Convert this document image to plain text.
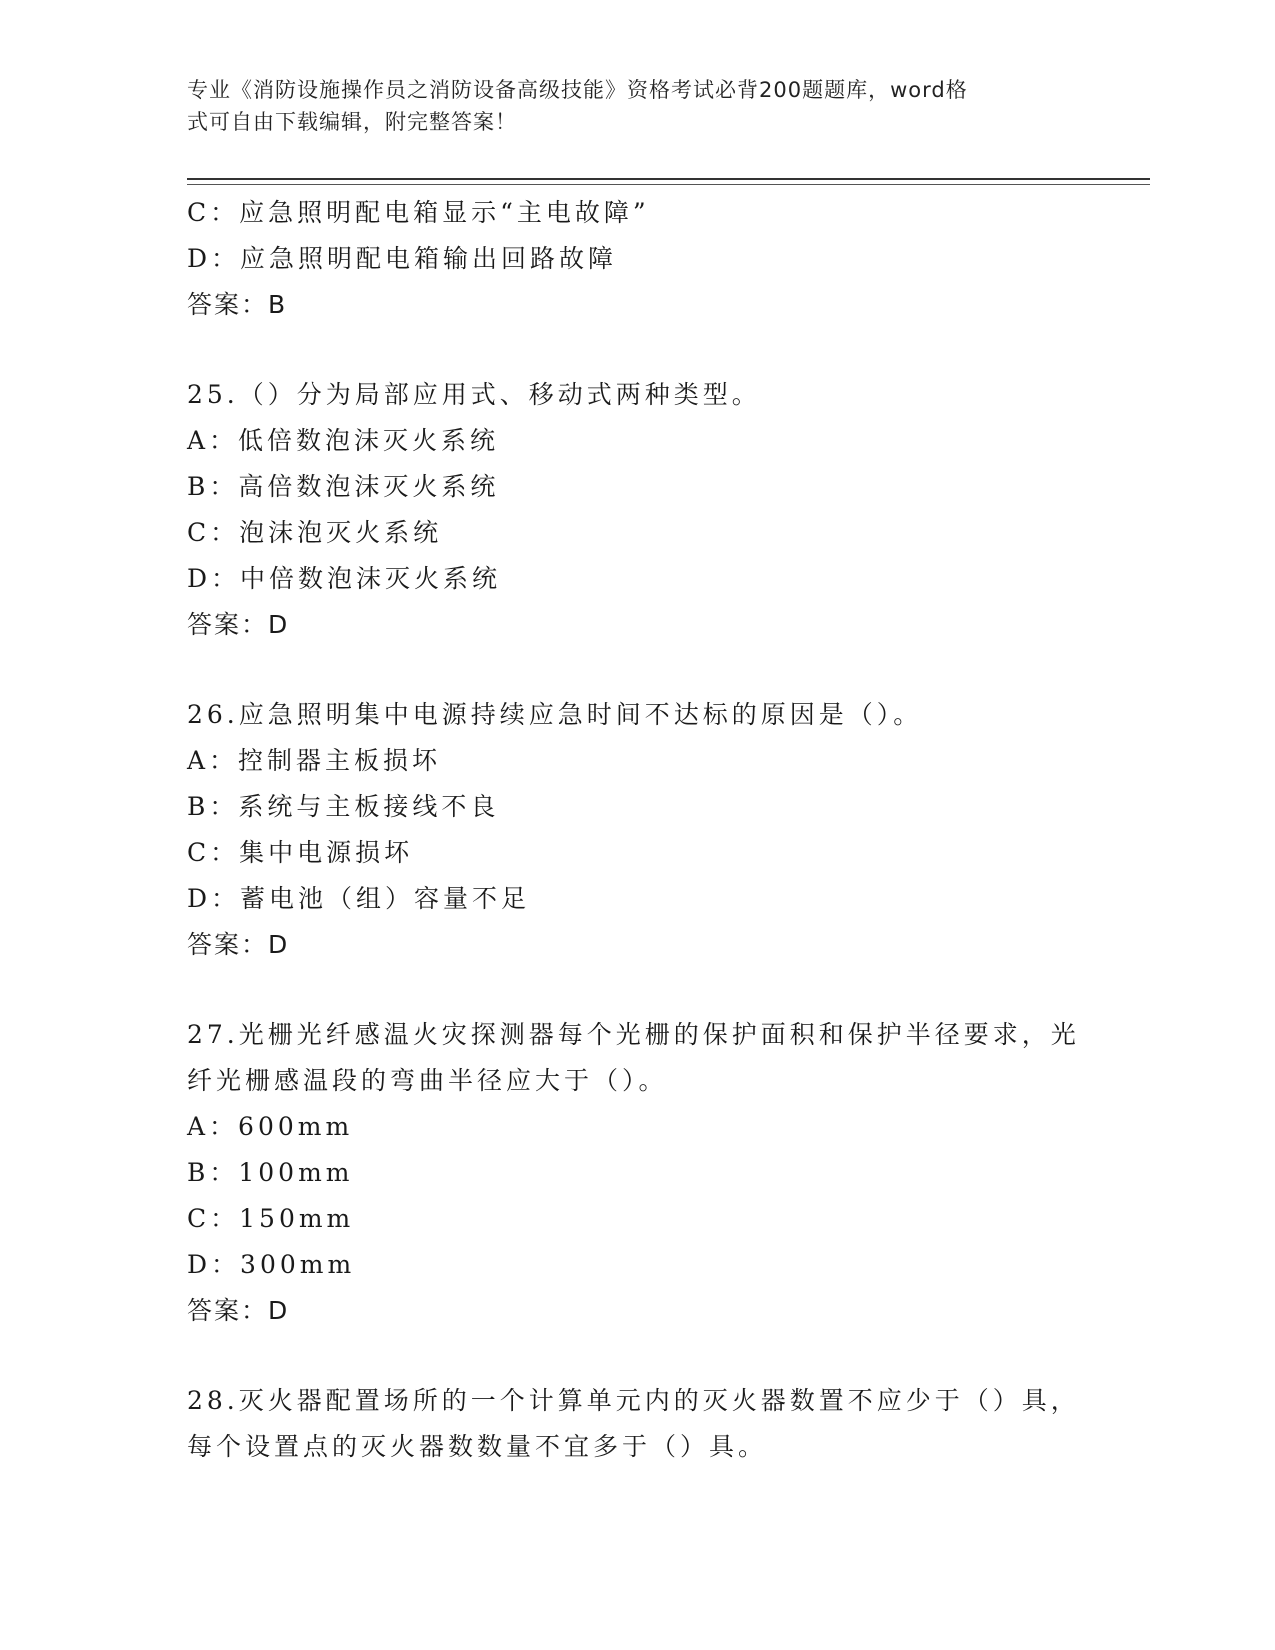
专业《消防设施操作员之消防设备高级技能》资格考试必背200题题库，word格
式可自由下载编辑，附完整答案！
C：应急照明配电箱显示“主电故障”
D：应急照明配电箱输出回路故障
答案：B
25.（）分为局部应用式、移动式两种类型。
A：低倍数泡沫灭火系统
B：高倍数泡沫灭火系统
C：泡沫泡灭火系统
D：中倍数泡沫灭火系统
答案：D
26.应急照明集中电源持续应急时间不达标的原因是（）。
A：控制器主板损坏
B：系统与主板接线不良
C：集中电源损坏
D：蓄电池（组）容量不足
答案：D
27.光栅光纤感温火灾探测器每个光栅的保护面积和保护半径要求，光
纤光栅感温段的弯曲半径应大于（）。
A：600mm
B：100mm
C：150mm
D：300mm
答案：D
28.灭火器配置场所的一个计算单元内的灭火器数置不应少于（）具，
每个设置点的灭火器数数量不宜多于（）具。
